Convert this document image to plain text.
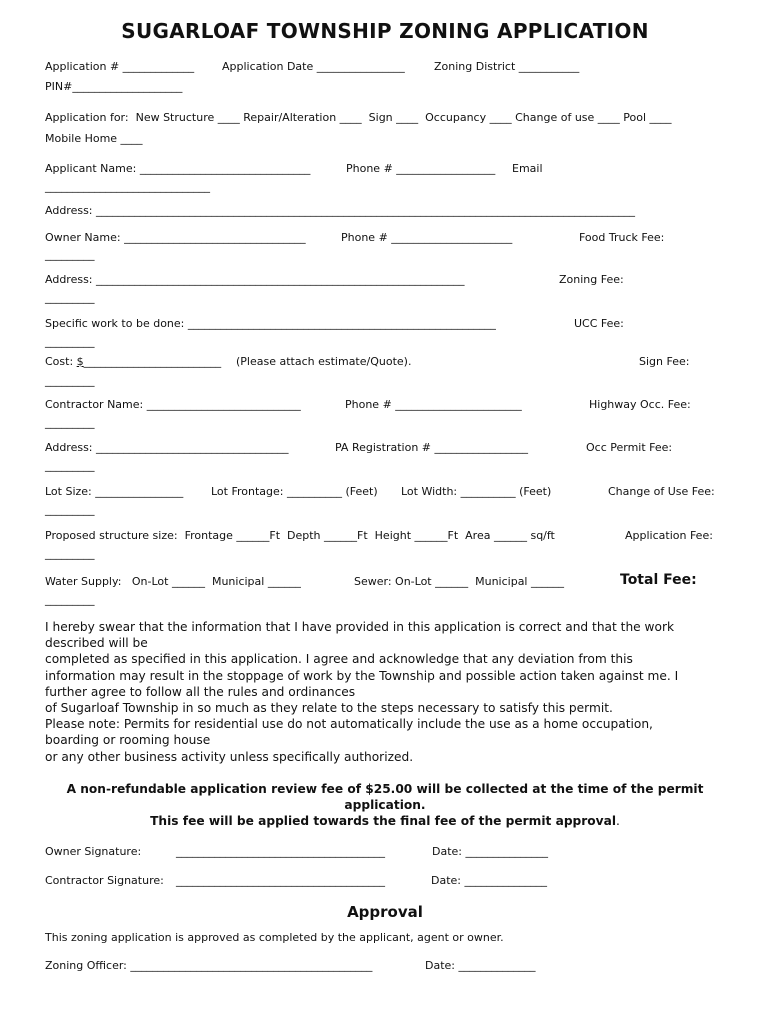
SUGARLOAF TOWNSHIP ZONING APPLICATION
Application # _____________	Application Date ________________	Zoning District ___________
PIN#____________________
Application for:  New Structure ____ Repair/Alteration ____  Sign ____  Occupancy ____ Change of use ____ Pool ____
Mobile Home ____
Applicant Name: _______________________________	Phone # __________________ Email
______________________________
Address: __________________________________________________________________________________________________
Owner Name: _________________________________	Phone # ______________________	Food Truck Fee:
_________
Address: ___________________________________________________________________	Zoning Fee:
_________
Specific work to be done: ________________________________________________________	UCC Fee:
_________
Cost: $_________________________ (Please attach estimate/Quote).	Sign Fee:
_________
Contractor Name: ____________________________	Phone # _______________________	Highway Occ. Fee:
_________
Address: ___________________________________	PA Registration # _________________	Occ Permit Fee:
_________
Lot Size: ________________	Lot Frontage: __________ (Feet) Lot Width: __________ (Feet)	Change of Use Fee:
_________
Proposed structure size:  Frontage ______Ft  Depth ______Ft  Height ______Ft  Area ______ sq/ft	Application Fee:
_________
Water Supply:   On-Lot ______  Municipal ______	Sewer: On-Lot ______  Municipal ______	Total Fee:
_________
I hereby swear that the information that I have provided in this application is correct and that the work
described will be
completed as specified in this application. I agree and acknowledge that any deviation from this
information may result in the stoppage of work by the Township and possible action taken against me. I
further agree to follow all the rules and ordinances
of Sugarloaf Township in so much as they relate to the steps necessary to satisfy this permit.
Please note: Permits for residential use do not automatically include the use as a home occupation,
boarding or rooming house
or any other business activity unless specifically authorized.
A non-refundable application review fee of $25.00 will be collected at the time of the permit
application.
This fee will be applied towards the final fee of the permit approval.
Owner Signature:	______________________________________	Date: _______________
Contractor Signature: ______________________________________	Date: _______________
Approval
This zoning application is approved as completed by the applicant, agent or owner.
Zoning Officer: ____________________________________________	Date: ______________
